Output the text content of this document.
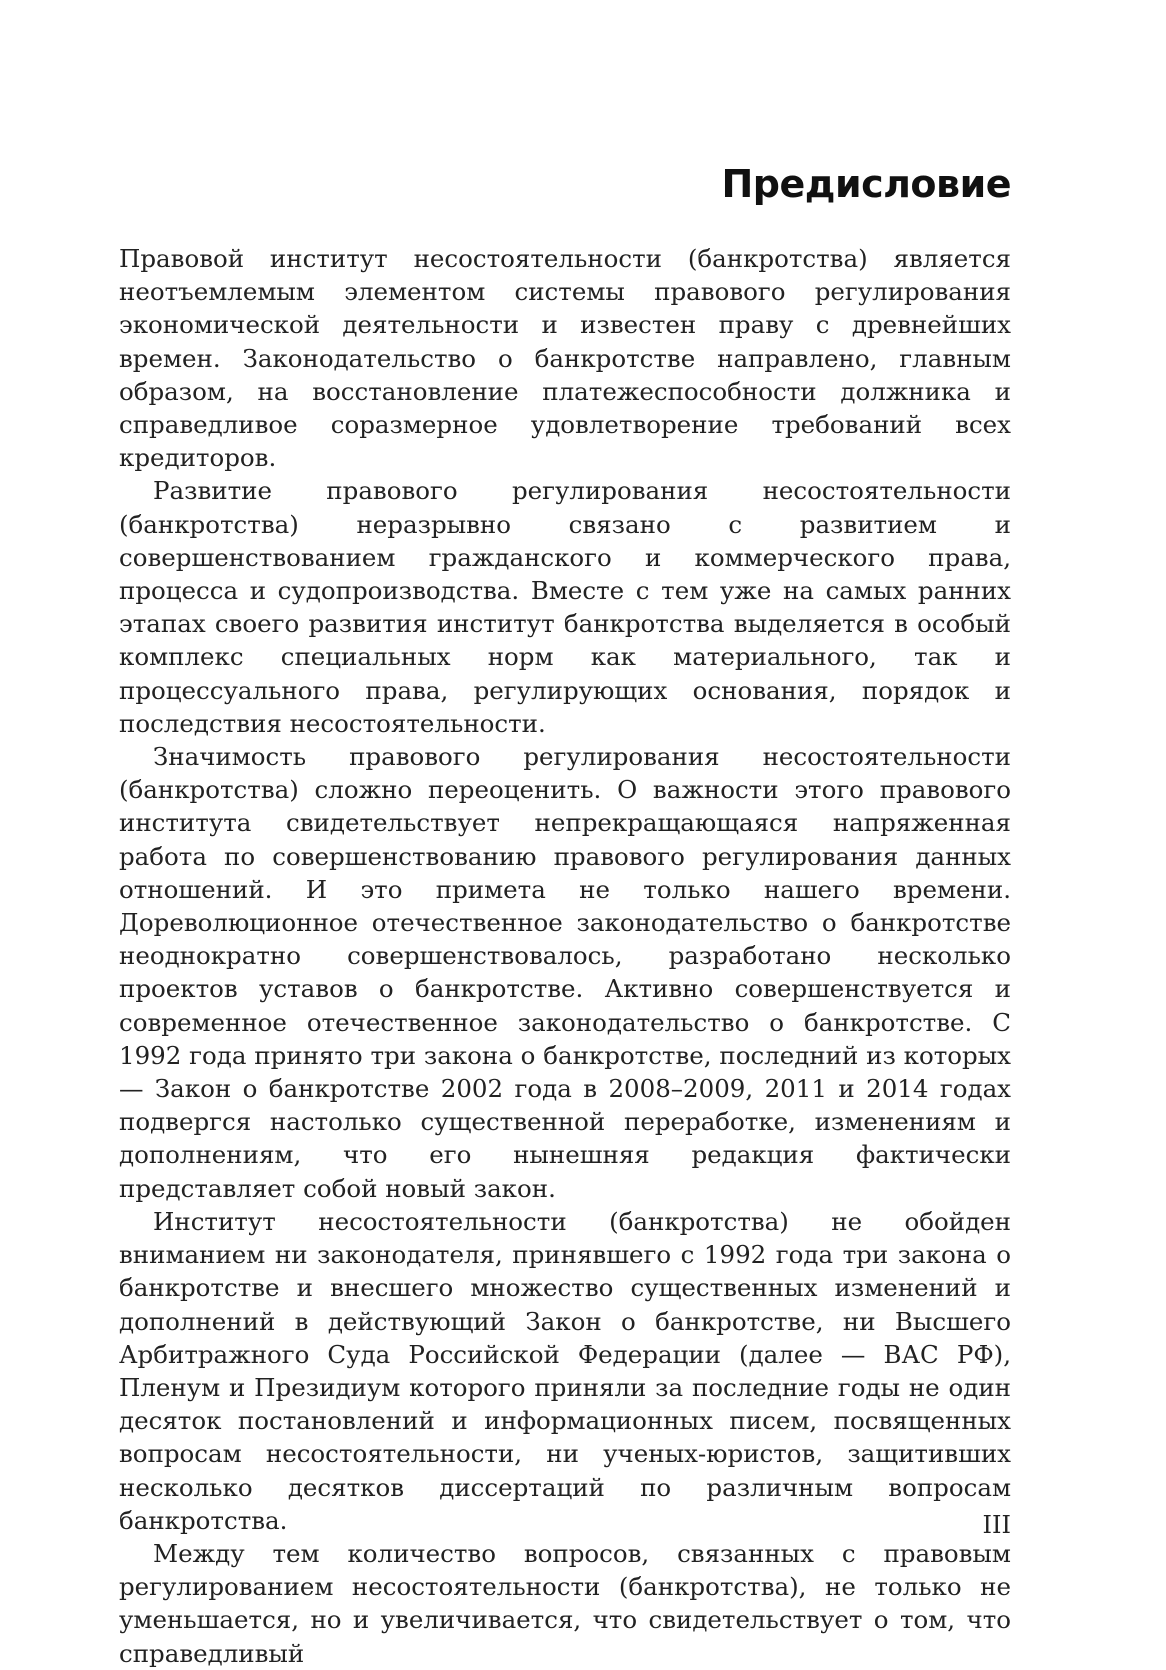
Предисловие

Правовой институт несостоятельности (банкротства) является неотъемлемым элементом системы правового регулирования экономической деятельности и известен праву с древнейших времен. Законодательство о банкротстве направлено, главным образом, на восстановление платежеспособности должника и справедливое соразмерное удовлетворение требований всех кредиторов.

Развитие правового регулирования несостоятельности (банкротства) неразрывно связано с развитием и совершенствованием гражданского и коммерческого права, процесса и судопроизводства. Вместе с тем уже на самых ранних этапах своего развития институт банкротства выделяется в особый комплекс специальных норм как материального, так и процессуального права, регулирующих основания, порядок и последствия несостоятельности.

Значимость правового регулирования несостоятельности (банкротства) сложно переоценить. О важности этого правового института свидетельствует непрекращающаяся напряженная работа по совершенствованию правового регулирования данных отношений. И это примета не только нашего времени. Дореволюционное отечественное законодательство о банкротстве неоднократно совершенствовалось, разработано несколько проектов уставов о банкротстве. Активно совершенствуется и современное отечественное законодательство о банкротстве. С 1992 года принято три закона о банкротстве, последний из которых — Закон о банкротстве 2002 года в 2008–2009, 2011 и 2014 годах подвергся настолько существенной переработке, изменениям и дополнениям, что его нынешняя редакция фактически представляет собой новый закон.

Институт несостоятельности (банкротства) не обойден вниманием ни законодателя, принявшего с 1992 года три закона о банкротстве и внесшего множество существенных изменений и дополнений в действующий Закон о банкротстве, ни Высшего Арбитражного Суда Российской Федерации (далее — ВАС РФ), Пленум и Президиум которого приняли за последние годы не один десяток постановлений и информационных писем, посвященных вопросам несостоятельности, ни ученых-юристов, защитивших несколько десятков диссертаций по различным вопросам банкротства.

Между тем количество вопросов, связанных с правовым регулированием несостоятельности (банкротства), не только не уменьшается, но и увеличивается, что свидетельствует о том, что справедливый

III
